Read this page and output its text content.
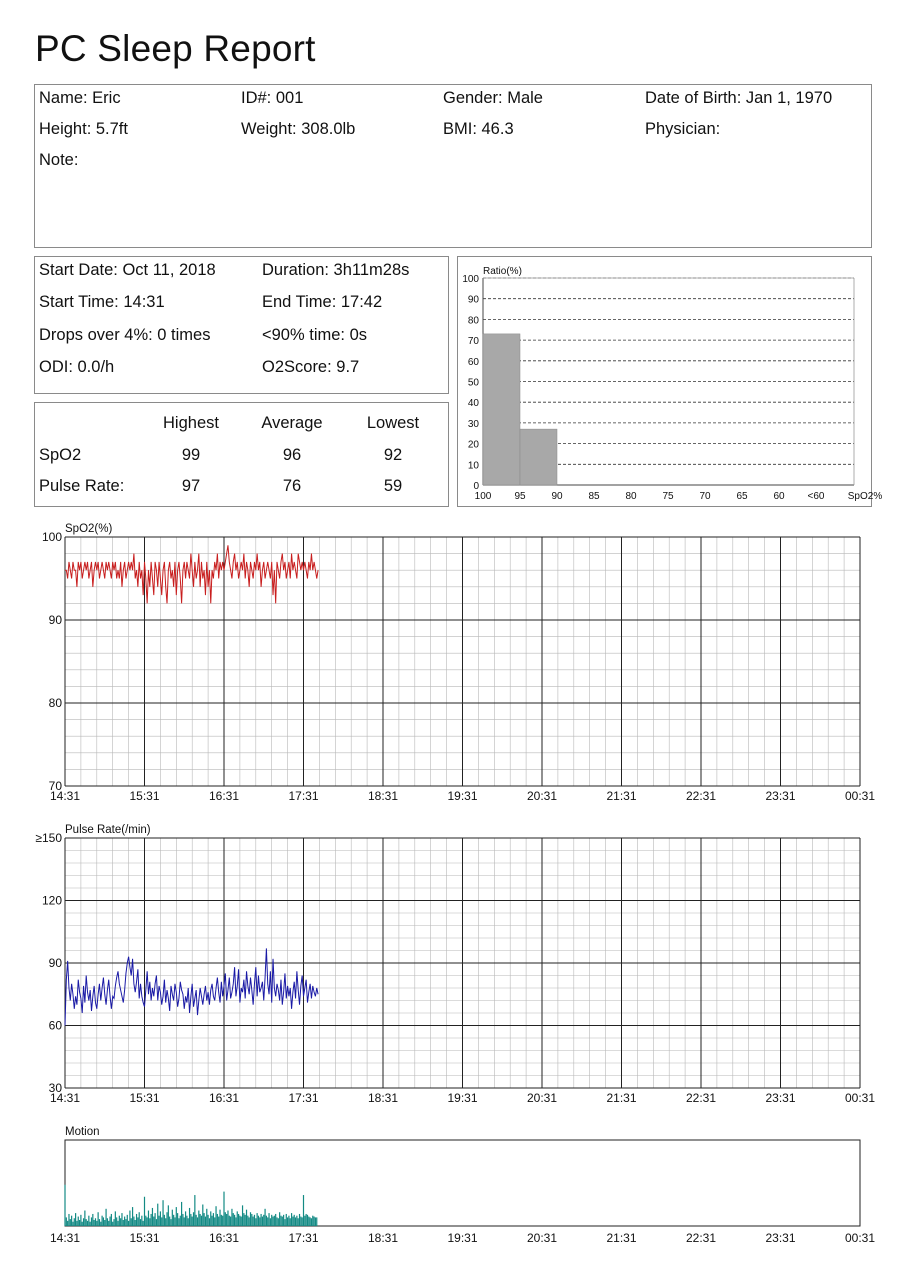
PC Sleep Report
Name: Eric	ID#: 001	Gender: Male	Date of Birth: Jan 1, 1970
Height: 5.7ft	Weight: 308.0lb	BMI: 46.3	Physician:
Note:
Start Date: Oct 11, 2018	Duration: 3h11m28s
Start Time: 14:31	End Time: 17:42
Drops over 4%: 0 times	<90% time: 0s
ODI: 0.0/h	O2Score: 9.7
Highest	Average	Lowest
SpO2	99	96	92
Pulse Rate:	97	76	59
100
90
80
70
60
50
40
30
20
10
0
100 95	90	85	80	75	70	65	60 <60 SpO2%
Ratio(%)
100
90
80
70
14:31	15:31	16:31	17:31	18:31	19:31	20:31	21:31	22:31	23:31	00:31
SpO2(%)
≥150
120
90
60
30
14:31	15:31	16:31	17:31	18:31	19:31	20:31	21:31	22:31	23:31	00:31
Pulse Rate(/min)
14:31	15:31	16:31	17:31	18:31	19:31	20:31	21:31	22:31	23:31	00:31
Motion
